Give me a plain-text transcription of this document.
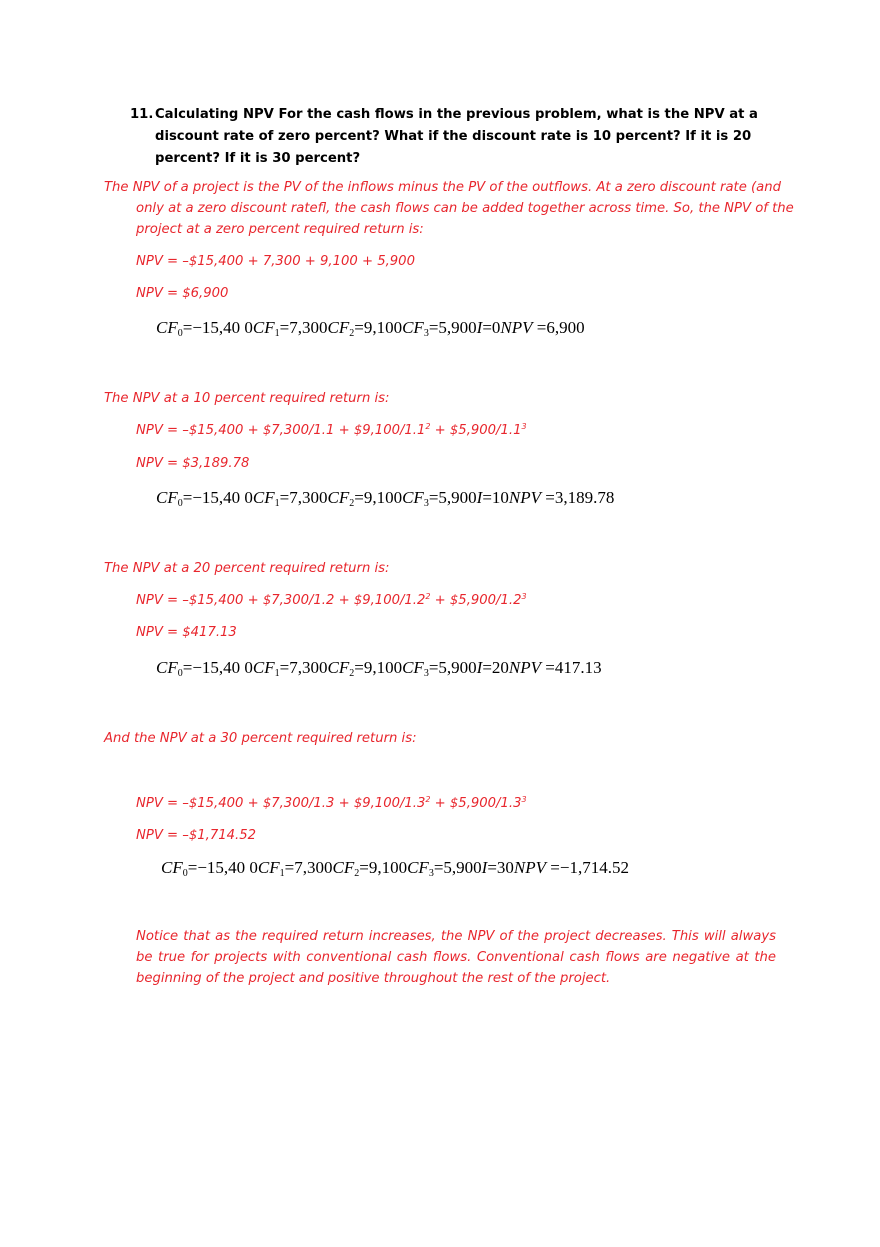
11. Calculating NPV For the cash flows in the previous problem, what is the NPV at a discount rate of zero percent? What if the discount rate is 10 percent? If it is 20 percent? If it is 30 percent?
The NPV of a project is the PV of the inflows minus the PV of the outflows. At a zero discount rate (and only at a zero discount ratefl, the cash flows can be added together across time. So, the NPV of the project at a zero percent required return is:
NPV = –$15,400 + 7,300 + 9,100 + 5,900
NPV = $6,900
$CF_0=-15,40$ $0CF_1=7,300CF_2=9,100CF_3=5,900I=0NPV =6,900$
The NPV at a 10 percent required return is:
NPV = –$15,400 + $7,300/1.1 + $\$9,100/1.1^2$ + $\$5,900/1.1^3$
NPV = $3,189.78
$CF_0=-15,40$ $0CF_1=7,300CF_2=9,100CF_3=5,900I=10NPV =3,189.78$
The NPV at a 20 percent required return is:
NPV = –$15,400 + $7,300/1.2 + $\$9,100/1.2^2$ + $\$5,900/1.2^3$
NPV = $417.13
$CF_0=-15,40$ $0CF_1=7,300CF_2=9,100CF_3=5,900I=20NPV =417.13$
And the NPV at a 30 percent required return is:
NPV = –$15,400 + $7,300/1.3 + $\$9,100/1.3^2$ + $\$5,900/1.3^3$
NPV = –$1,714.52
$CF_0=-15,40$ $0CF_1=7,300CF_2=9,100CF_3=5,900I=30NPV =-1,714.52$
Notice that as the required return increases, the NPV of the project decreases. This will always be true for projects with conventional cash flows. Conventional cash flows are negative at the beginning of the project and positive throughout the rest of the project.
